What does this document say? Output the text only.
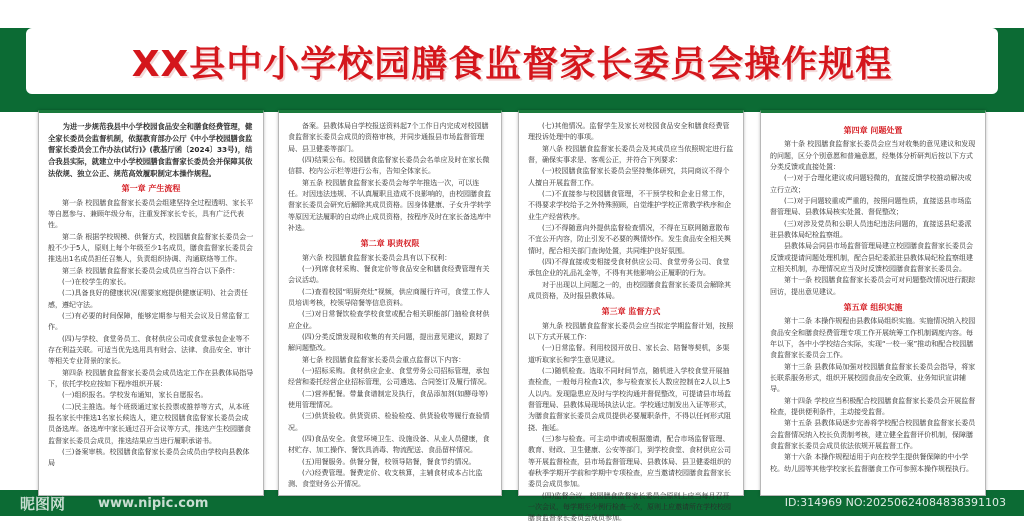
XX县中小学校园膳食监督家长委员会操作规程

为进一步规范我县中小学校园食品安全和膳食经费管理，健全家长委员会监督机制，依据教育部办公厅《中小学校园膳食监督家长委员会工作办法(试行)》(教基厅函〔2024〕33号)，结合我县实际，就建立中小学校园膳食监督家长委员会并保障其依法依规、独立公正、规范高效履职制定本操作规程。

第一章 产生流程

第一条 校园膳食监督家长委员会组建坚持全过程透明、家长平等自愿参与、兼顾年级分布，注重发挥家长专长，具有广泛代表性。

第二条 根据学校规模、供餐方式，校园膳食监督家长委员会一般不少于5人，原则上每个年级至少1名成员，膳食监督家长委员会推选出1名成员担任召集人，负责组织协调、沟通联络等工作。

第三条 校园膳食监督家长委员会成员应当符合以下条件：

(一)在校学生的家长。

(二)具备良好的健康状况(需要家庭提供健康证明)、社会责任感，遵纪守法。

(三)有必要的时间保障，能够定期参与相关会议及日常监督工作。

(四)与学校、食堂务员工、食材供应公司或食堂承包企业等不存在利益关联。可适当优先选用具有财会、法律、食品安全、审计等相关专业背景的家长。

第四条 校园膳食监督家长委员会成员选定工作在县教体局指导下，依托学校应按如下程序组织开展：

(一)组织报名。学校发布通知，家长自愿报名。

(二)民主推选。每个班级通过家长投票或推荐等方式，从本班报名家长中推选1名家长候选人，建立校园膳食监督家长委员会成员备选库。备选库中家长通过召开会议等方式，推选产生校园膳食监督家长委员会成员，推选结果应当进行履职承诺书。

(三)备案审核。校园膳食监督家长委员会成员由学校向县教体局

备案。县教体局自学校报送资料起7个工作日内完成对校园膳食监督家长委员会成员的资格审核，并同步通报县市场监督管理局、县卫健委等部门。

(四)结果公布。校园膳食监督家长委员会名单应及时在家长微信群、校内公示栏等进行公布，告知全体家长。

第五条 校园膳食监督家长委员会每学年推选一次，可以连任。对因违法违规、不认真履职且造成不良影响的，由校园膳食监督家长委员会研究后解除其成员资格。因身体健康、子女升学转学等原因无法履职的自动终止成员资格，按程序及时在家长备选库中补选。

第二章 职责权限

第六条 校园膳食监督家长委员会具有以下权利：

(一)列席食材采购、餐食定价等食品安全和膳食经费管理有关会议活动。

(二)查看校园“明厨亮灶”视频，供应商履行许可，食堂工作人员培训考核，校领导陪餐等信息资料。

(三)对日常餐饮检查学校食堂或配合相关职能部门抽检食材供应企业。

(四)分类反馈发现和收集的有关问题，提出意见建议，跟踪了解问题整改。

第七条 校园膳食监督家长委员会重点监督以下内容：

(一)招标采购。食材供应企业、食堂劳务公司招标管理，承包经营和委托经营企业招标管理，公司遴选、合同签订及履行情况。

(二)营养配餐。带量食谱制定及执行，食品添加剂(如酵母等)使用管理情况。

(三)供货验收。供货资质、检验检疫、供货验收等履行查验情况。

(四)食品安全。食堂环境卫生、设施设备、从业人员健康，食材贮存、加工操作、餐饮具消毒、物流配送、食品留样情况。

(五)用餐服务。供餐分餐，校领导陪餐，餐食节约情况。

(六)经费管理。餐费定价、收支核算，主辅食材成本占比监测、食堂财务公开情况。

(七)其他情况。监督学生及家长对校园食品安全和膳食经费管理投诉处理中的事项。

第八条 校园膳食监督家长委员会及其成员应当依照规定进行监督，确保实事求是、客观公正，并符合下列要求：

(一)校园膳食监督家长委员会坚持集体研究，共同商议不得个人擅自开展监督工作。

(二)不直接参与校园膳食管理，不干预学校和企业日常工作，不得要求学校给予之外特殊照顾，自觉维护学校正常教学秩序和企业生产经营秩序。

(三)不得随意向外提供监督检查情况，不得在互联网随意散布不宜公开内容，防止引发不必要的舆情炒作。发生食品安全相关舆情时，配合相关部门查询处置，共同维护良好氛围。

(四)不得直接或变相接受食材供应公司、食堂劳务公司、食堂承包企业的礼品礼金等，不得有其他影响公正履职的行为。

对于出现以上问题之一的，由校园膳食监督家长委员会解除其成员资格，及时报县教体局。

第三章 监督方式

第九条 校园膳食监督家长委员会应当拟定学期监督计划，按照以下方式开展工作：

(一)日常监督。利用校园开放日、家长会、陪餐等契机，多渠道听取家长和学生意见建议。

(二)随机检查。选取不同时间节点，随机进入学校食堂开展抽查检查，一般每月检查1次，参与检查家长人数应控制在2人以上5人以内。发现隐患应及时与学校沟通并督促整改，可提请县市场监督管理局、县教体局现场执法认定。学校通过制发出入证等形式，为膳食监督家长委员会成员提供必要履职条件，不得以任何形式阻挠、拖延。

(三)参与检查。可主动申请或根据邀请，配合市场监督管理、教育、财政、卫生健康、公安等部门，到学校食堂、食材供应公司等开展监督检查，县市场监督管理局、县教体局、县卫健委组织的春秋季学期开学前和学期中专项检查，应当邀请校园膳食监督家长委员会成员参加。

(四)监督会议。校园膳食监督家长委员会原则上应当每月召开一次会议，每学期至少例行检查一次，原则上应邀请所在学校校园膳食监督家长委员会成员参加。

第四章 问题处置

第十条 校园膳食监督家长委员会应当对收集的意见建议和发现的问题，区分个别意愿和普遍意愿，经集体分析研判后按以下方式分类反馈或直接处置：

(一)对于合理化建议或问题轻微的，直接反馈学校推动解决或立行立改；

(二)对于问题较重或严重的，按照问题性质，直接送县市场监督管理局、县教体局核实处置、督促整改；

(三)对涉及党员和公职人员违纪违法问题的，直接送县纪委派驻县教体局纪检监察组。

县教体局会同县市场监督管理局建立校园膳食监督家长委员会反馈或提请问题处理机制，配合县纪委派驻县教体局纪检监察组建立相关机制，办理情况应当及时反馈校园膳食监督家长委员会。

第十一条 校园膳食监督家长委员会可对问题整改情况进行跟踪回访，提出意见建议。

第五章 组织实施

第十二条 本操作规程由县教体局组织实施。实施情况纳入校园食品安全和膳食经费管理专项工作开展统筹工作机制调度内容。每年以下，各中小学校结合实际，实现“一校一案”推动和配合校园膳食监督家长委员会工作。

第十三条 县教体局加强对校园膳食监督家长委员会指导，将家长联系服务形式，组织开展校园食品安全政策、业务知识宣讲辅导。

第十四条 学校应当积极配合校园膳食监督家长委员会开展监督检查，提供便利条件，主动接受监督。

第十五条 县教体局逐步完善将学校配合校园膳食监督家长委员会监督情况纳入校长负责制考核，建立健全监督评价机制，保障膳食监督家长委员会成员依法依规开展监督工作。

第十六条 本操作规程适用于向在校学生提供餐保障的中小学校。幼儿园等其他学校家长监督膳食工作可参照本操作规程执行。

昵图网	www.nipic.com	ID:314969 NO:20250624084838391103
